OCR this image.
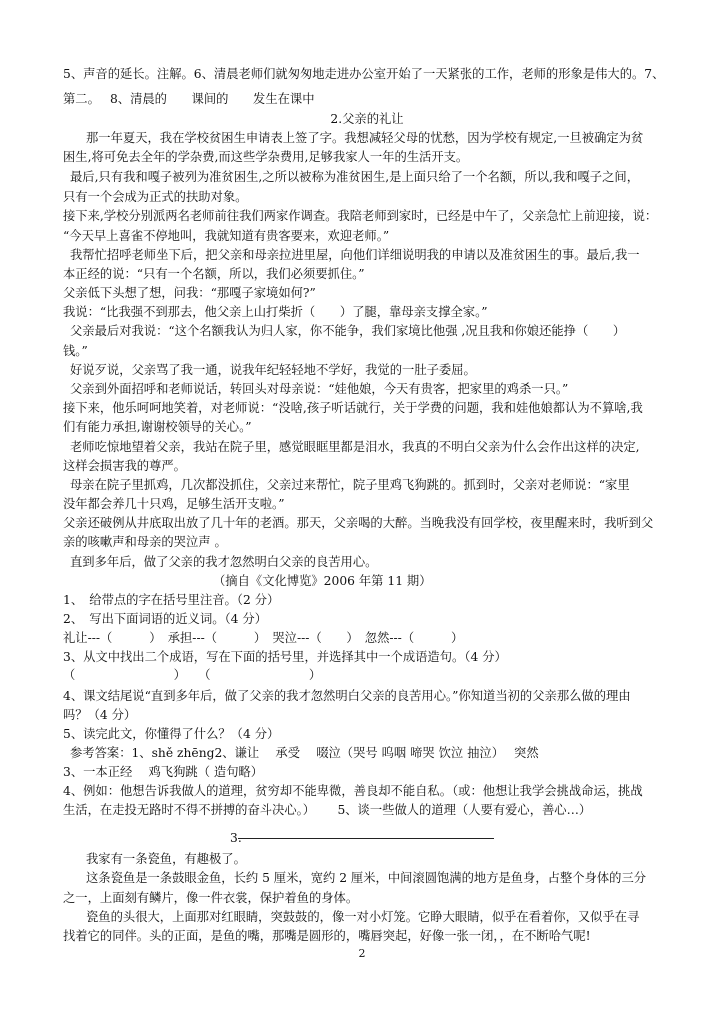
5、声音的延长。注解。6、清晨老师们就匆匆地走进办公室开始了一天紧张的工作，老师的形象是伟大的。7、
第二。　 8、清晨的　　课间的　　发生在课中
2.父亲的礼让
那一年夏天，我在学校贫困生申请表上签了字。我想减轻父母的忧愁，因为学校有规定,一旦被确定为贫
困生,将可免去全年的学杂费,而这些学杂费用,足够我家人一年的生活开支。
最后,只有我和嘎子被列为准贫困生,之所以被称为准贫困生,是上面只给了一个名额，所以,我和嘎子之间，
只有一个会成为正式的扶助对象。
接下来,学校分别派两名老师前往我们两家作调查。我陪老师到家时，已经是中午了，父亲急忙上前迎接，说：
“今天早上喜雀不停地叫，我就知道有贵客要来，欢迎老师。”
我帮忙招呼老师坐下后，把父亲和母亲拉进里屋，向他们详细说明我的申请以及准贫困生的事。最后,我一
本正经的说：“只有一个名额，所以，我们必须要抓住。”
父亲低下头想了想，问我：“那嘎子家境如何?”
我说：“比我强不到那去，他父亲上山打柴折（　　）了腿，靠母亲支撑全家。”
父亲最后对我说：“这个名额我认为归人家，你不能争，我们家境比他强 ,况且我和你娘还能挣（　　）
钱。”
好说歹说，父亲骂了我一通，说我年纪轻轻地不学好，我觉的一肚子委屈。
父亲到外面招呼和老师说话，转回头对母亲说：“娃他娘，今天有贵客，把家里的鸡杀一只。”
接下来，他乐呵呵地笑着，对老师说：“没啥,孩子听话就行，关于学费的问题，我和娃他娘都认为不算啥,我
们有能力承担,谢谢校领导的关心。”
老师吃惊地望着父亲，我站在院子里，感觉眼眶里都是泪水，我真的不明白父亲为什么会作出这样的决定,
这样会损害我的尊严。
母亲在院子里抓鸡，几次都没抓住，父亲过来帮忙，院子里鸡飞狗跳的。抓到时，父亲对老师说：“家里
没年都会养几十只鸡，足够生活开支啦。”
父亲还破例从井底取出放了几十年的老酒。那天，父亲喝的大醉。当晚我没有回学校，夜里醒来时，我听到父
亲的咳嗽声和母亲的哭泣声 。
直到多年后，做了父亲的我才忽然明白父亲的良苦用心。
（摘自《文化博览》2006 年第 11 期）
1、　给带点的字在括号里注音。（2 分）
2、　写出下面词语的近义词。（4 分）
礼让---（　　　）　承担---（　　　）　哭泣---（　　）　忽然---（　　　）
3、从文中找出二个成语，写在下面的括号里，并选择其中一个成语造句。（4 分）
（　　　　　　　　）　　（　　　　　　　　）
4、课文结尾说“直到多年后，做了父亲的我才忽然明白父亲的良苦用心。”你知道当初的父亲那么做的理由
吗？（4 分）
5、读完此文，你懂得了什么？（4 分）
参考答案：1、shě zhēng2、谦让　 承受　 啜泣（哭号 呜咽 啼哭 饮泣 抽泣）　 突然
3、一本正经　 鸡飞狗跳（ 造句略）
4、例如：他想告诉我做人的道理，贫穷却不能卑微，善良却不能自私。（或：他想让我学会挑战命运，挑战
生活，在走投无路时不得不拼搏的奋斗决心。）　　 5、谈一些做人的道理（人要有爱心，善心…）
3.
我家有一条瓷鱼，有趣极了。
这条瓷鱼是一条鼓眼金鱼，长约 5 厘米，宽约 2 厘米，中间滚圆饱满的地方是鱼身，占整个身体的三分
之一，上面刻有鳞片，像一件衣裳，保护着鱼的身体。
瓷鱼的头很大，上面那对红眼睛，突鼓鼓的，像一对小灯笼。它睁大眼睛，似乎在看着你，又似乎在寻
找着它的同伴。头的正面，是鱼的嘴，那嘴是圆形的，嘴唇突起，好像一张一闭，，在不断哈气呢!
2
